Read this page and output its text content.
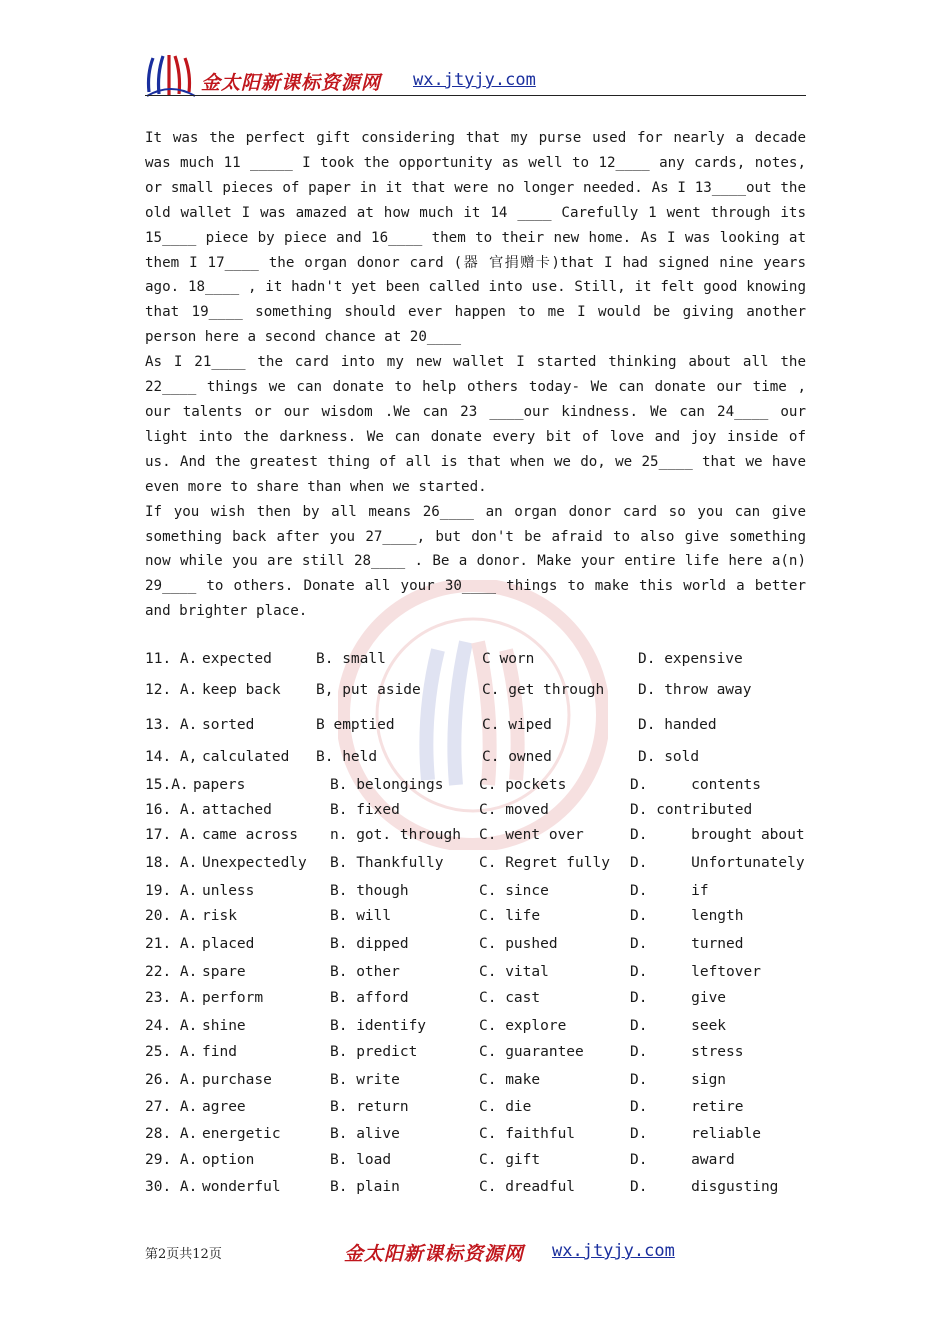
金太阳新课标资源网 wx.jtyjy.com

It was the perfect gift considering that my purse used for nearly a decade was much 11 _____ I took the opportunity as well to 12____ any cards, notes, or small pieces of paper in it that were no longer needed. As I 13____out the old wallet I was amazed at how much it 14 ____ Carefully 1 went through its 15____ piece by piece and 16____ them to their new home. As I was looking at them I 17____ the organ donor card (器 官捐赠卡)that I had signed nine years ago. 18____ , it hadn't yet been called into use. Still, it felt good knowing that 19____ something should ever happen to me I would be giving another person here a second chance at 20____

As I 21____ the card into my new wallet I started thinking about all the 22____ things we can donate to help others today- We can donate our time , our talents or our wisdom .We can 23 ____our kindness. We can 24____ our light into the darkness. We can donate every bit of love and joy inside of us. And the greatest thing of all is that when we do, we 25____ that we have even more to share than when we started.

If you wish then by all means 26____ an organ donor card so you can give something back after you 27____, but don't be afraid to also give something now while you are still 28____ . Be a donor. Make your entire life here a(n) 29____ to others. Donate all your 30____ things to make this world a better and brighter place.

11. A. expected	B. small	C worn	D. expensive
12. A. keep back B, put aside	C. get through D. throw away
13. A. sorted	B emptied	C. wiped	D. handed
14. A, calculated B. held	C. owned	D. sold
15.A. papers	B. belongings C. pockets	D.     contents
16. A. attached	B. fixed	C. moved	D. contributed
17. A. came across n. got. through C. went over	D.     brought about
18. A. Unexpectedly B. Thankfully C. Regret fully D.     Unfortunately
19. A. unless	B. though	C. since	D.     if
20. A. risk	B. will	C. life	D.     length
21. A. placed	B. dipped	C. pushed	D.     turned
22. A. spare	B. other	C. vital	D.     leftover
23. A. perform	B. afford	C. cast	D.     give
24. A. shine	B. identify	C. explore	D.     seek
25. A. find	B. predict	C. guarantee	D.     stress
26. A. purchase	B. write	C. make	D.     sign
27. A. agree	B. return	C. die	D.     retire
28. A. energetic	B. alive	C. faithful	D.     reliable
29. A. option	B. load	C. gift	D.     award
30. A. wonderful	B. plain	C. dreadful	D.     disgusting
第2页共12页	金太阳新课标资源网 wx.jtyjy.com
